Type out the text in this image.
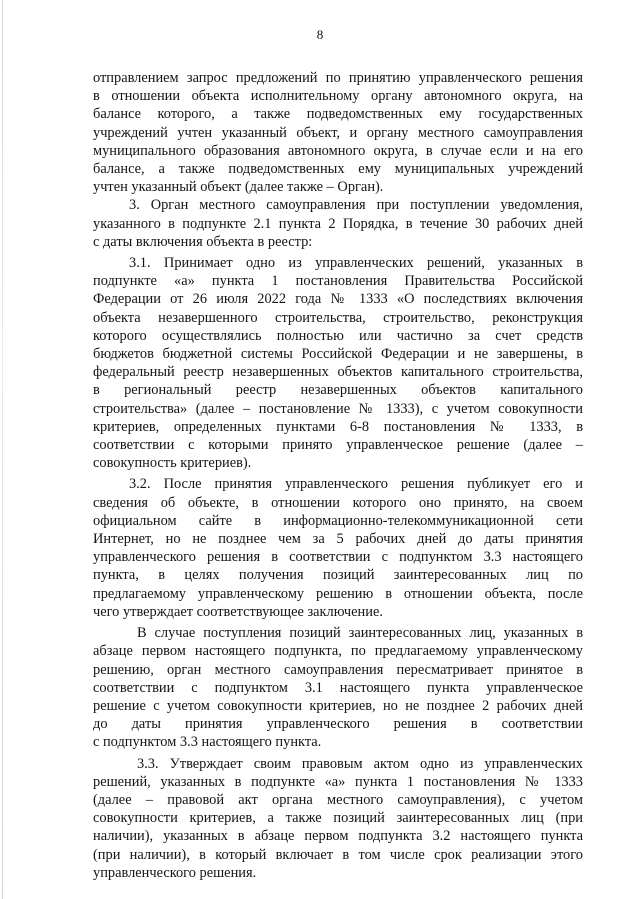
8

отправлением запрос предложений по принятию управленческого решения
в отношении объекта исполнительному органу автономного округа, на
балансе которого, а также подведомственных ему государственных
учреждений учтен указанный объект, и органу местного самоуправления
муниципального образования автономного округа, в случае если и на его
балансе, а также подведомственных ему муниципальных учреждений
учтен указанный объект (далее также – Орган).

3. Орган местного самоуправления при поступлении уведомления,
указанного в подпункте 2.1 пункта 2 Порядка, в течение 30 рабочих дней
с даты включения объекта в реестр:

3.1. Принимает одно из управленческих решений, указанных в
подпункте «а» пункта 1 постановления Правительства Российской
Федерации от 26 июля 2022 года № 1333 «О последствиях включения
объекта незавершенного строительства, строительство, реконструкция
которого осуществлялись полностью или частично за счет средств
бюджетов бюджетной системы Российской Федерации и не завершены, в
федеральный реестр незавершенных объектов капитального строительства,
в региональный реестр незавершенных объектов капитального
строительства» (далее – постановление № 1333), с учетом совокупности
критериев, определенных пунктами 6-8 постановления № 1333, в
соответствии с которыми принято управленческое решение (далее –
совокупность критериев).

3.2. После принятия управленческого решения публикует его и
сведения об объекте, в отношении которого оно принято, на своем
официальном сайте в информационно-телекоммуникационной сети
Интернет, но не позднее чем за 5 рабочих дней до даты принятия
управленческого решения в соответствии с подпунктом 3.3 настоящего
пункта, в целях получения позиций заинтересованных лиц по
предлагаемому управленческому решению в отношении объекта, после
чего утверждает соответствующее заключение.

В случае поступления позиций заинтересованных лиц, указанных в
абзаце первом настоящего подпункта, по предлагаемому управленческому
решению, орган местного самоуправления пересматривает принятое в
соответствии с подпунктом 3.1 настоящего пункта управленческое
решение с учетом совокупности критериев, но не позднее 2 рабочих дней
до даты принятия управленческого решения в соответствии
с подпунктом 3.3 настоящего пункта.

3.3. Утверждает своим правовым актом одно из управленческих
решений, указанных в подпункте «а» пункта 1 постановления № 1333
(далее – правовой акт органа местного самоуправления), с учетом
совокупности критериев, а также позиций заинтересованных лиц (при
наличии), указанных в абзаце первом подпункта 3.2 настоящего пункта
(при наличии), в который включает в том числе срок реализации этого
управленческого решения.
